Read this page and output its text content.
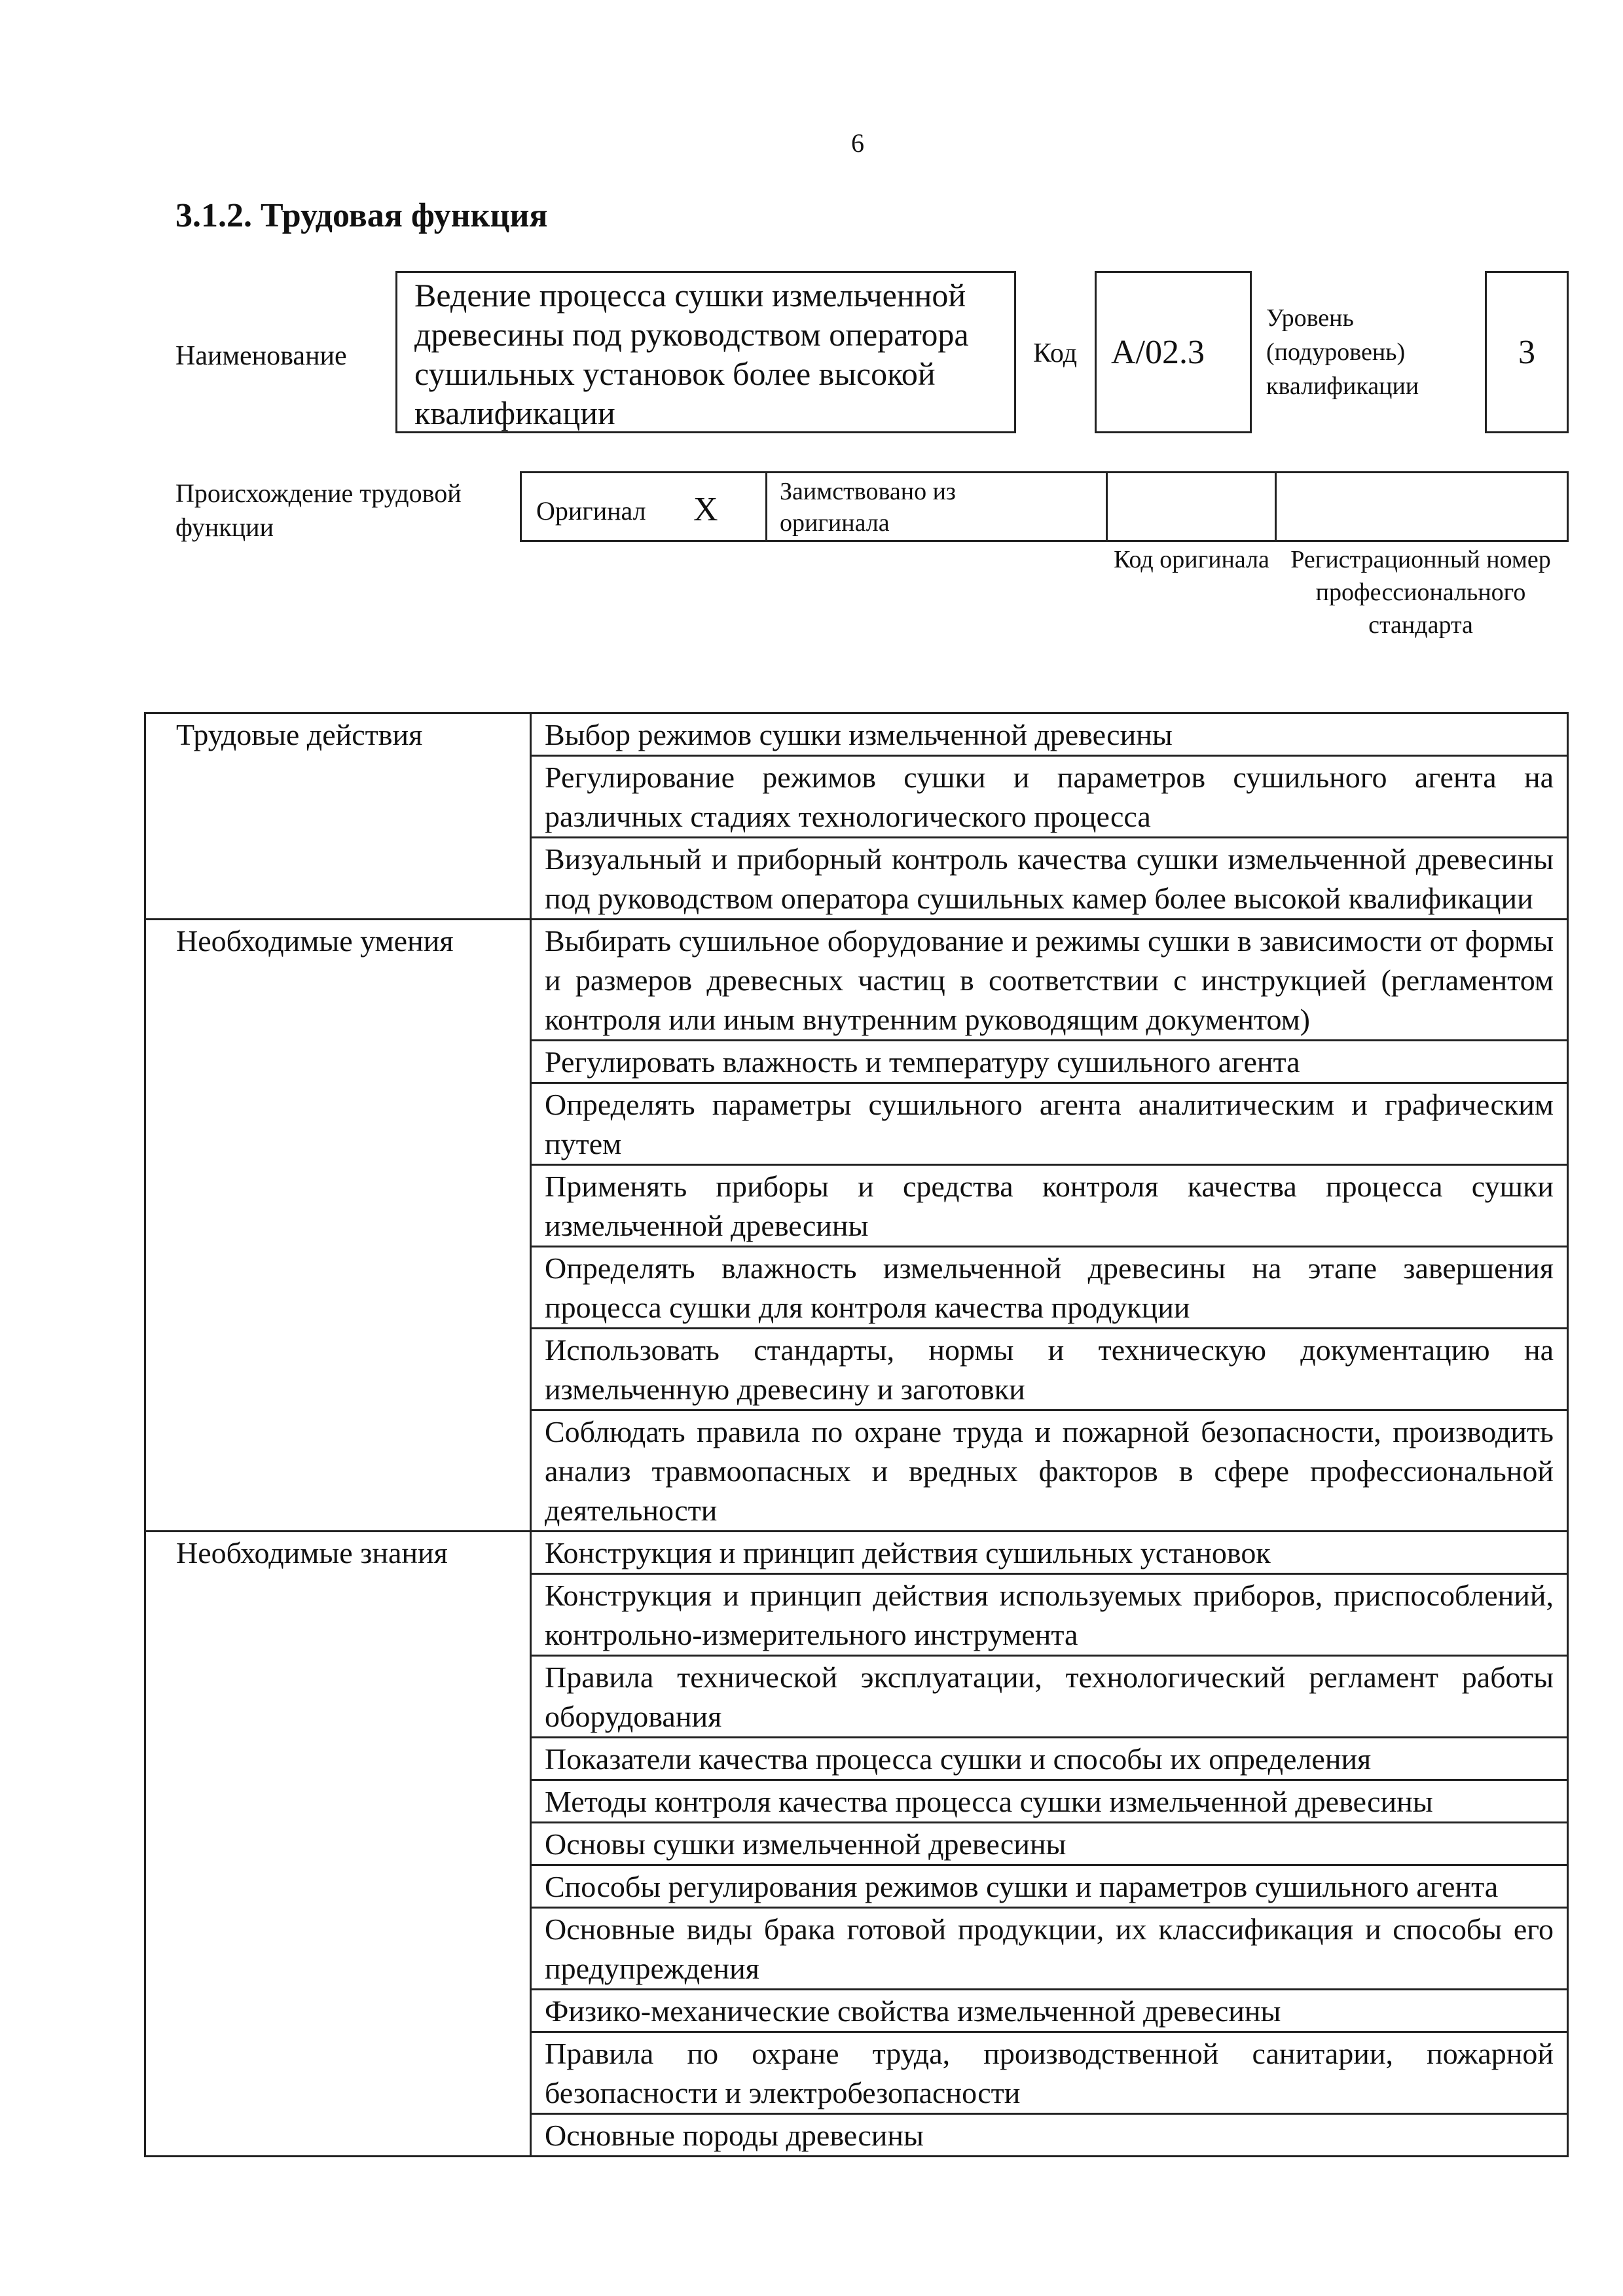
6
3.1.2. Трудовая функция
Наименование
Ведение процесса сушки измельченной древесины под руководством оператора сушильных установок более высокой квалификации
Код А/02.3
Уровень (подуровень) квалификации
3
Происхождение трудовой функции
Оригинал Х Заимствовано из оригинала
Код оригинала Регистрационный номер профессионального стандарта
Трудовые действия	Выбор режимов сушки измельченной древесины
	Регулирование режимов сушки и параметров сушильного агента на различных стадиях технологического процесса
	Визуальный и приборный контроль качества сушки измельченной древесины под руководством оператора сушильных камер более высокой квалификации
Необходимые умения	Выбирать сушильное оборудование и режимы сушки в зависимости от формы и размеров древесных частиц в соответствии с инструкцией (регламентом контроля или иным внутренним руководящим документом)
	Регулировать влажность и температуру сушильного агента
	Определять параметры сушильного агента аналитическим и графическим путем
	Применять приборы и средства контроля качества процесса сушки измельченной древесины
	Определять влажность измельченной древесины на этапе завершения процесса сушки для контроля качества продукции
	Использовать стандарты, нормы и техническую документацию на измельченную древесину и заготовки
	Соблюдать правила по охране труда и пожарной безопасности, производить анализ травмоопасных и вредных факторов в сфере профессиональной деятельности
Необходимые знания	Конструкция и принцип действия сушильных установок
	Конструкция и принцип действия используемых приборов, приспособлений, контрольно-измерительного инструмента
	Правила технической эксплуатации, технологический регламент работы оборудования
	Показатели качества процесса сушки и способы их определения
	Методы контроля качества процесса сушки измельченной древесины
	Основы сушки измельченной древесины
	Способы регулирования режимов сушки и параметров сушильного агента
	Основные виды брака готовой продукции, их классификация и способы его предупреждения
	Физико-механические свойства измельченной древесины
	Правила по охране труда, производственной санитарии, пожарной безопасности и электробезопасности
	Основные породы древесины
